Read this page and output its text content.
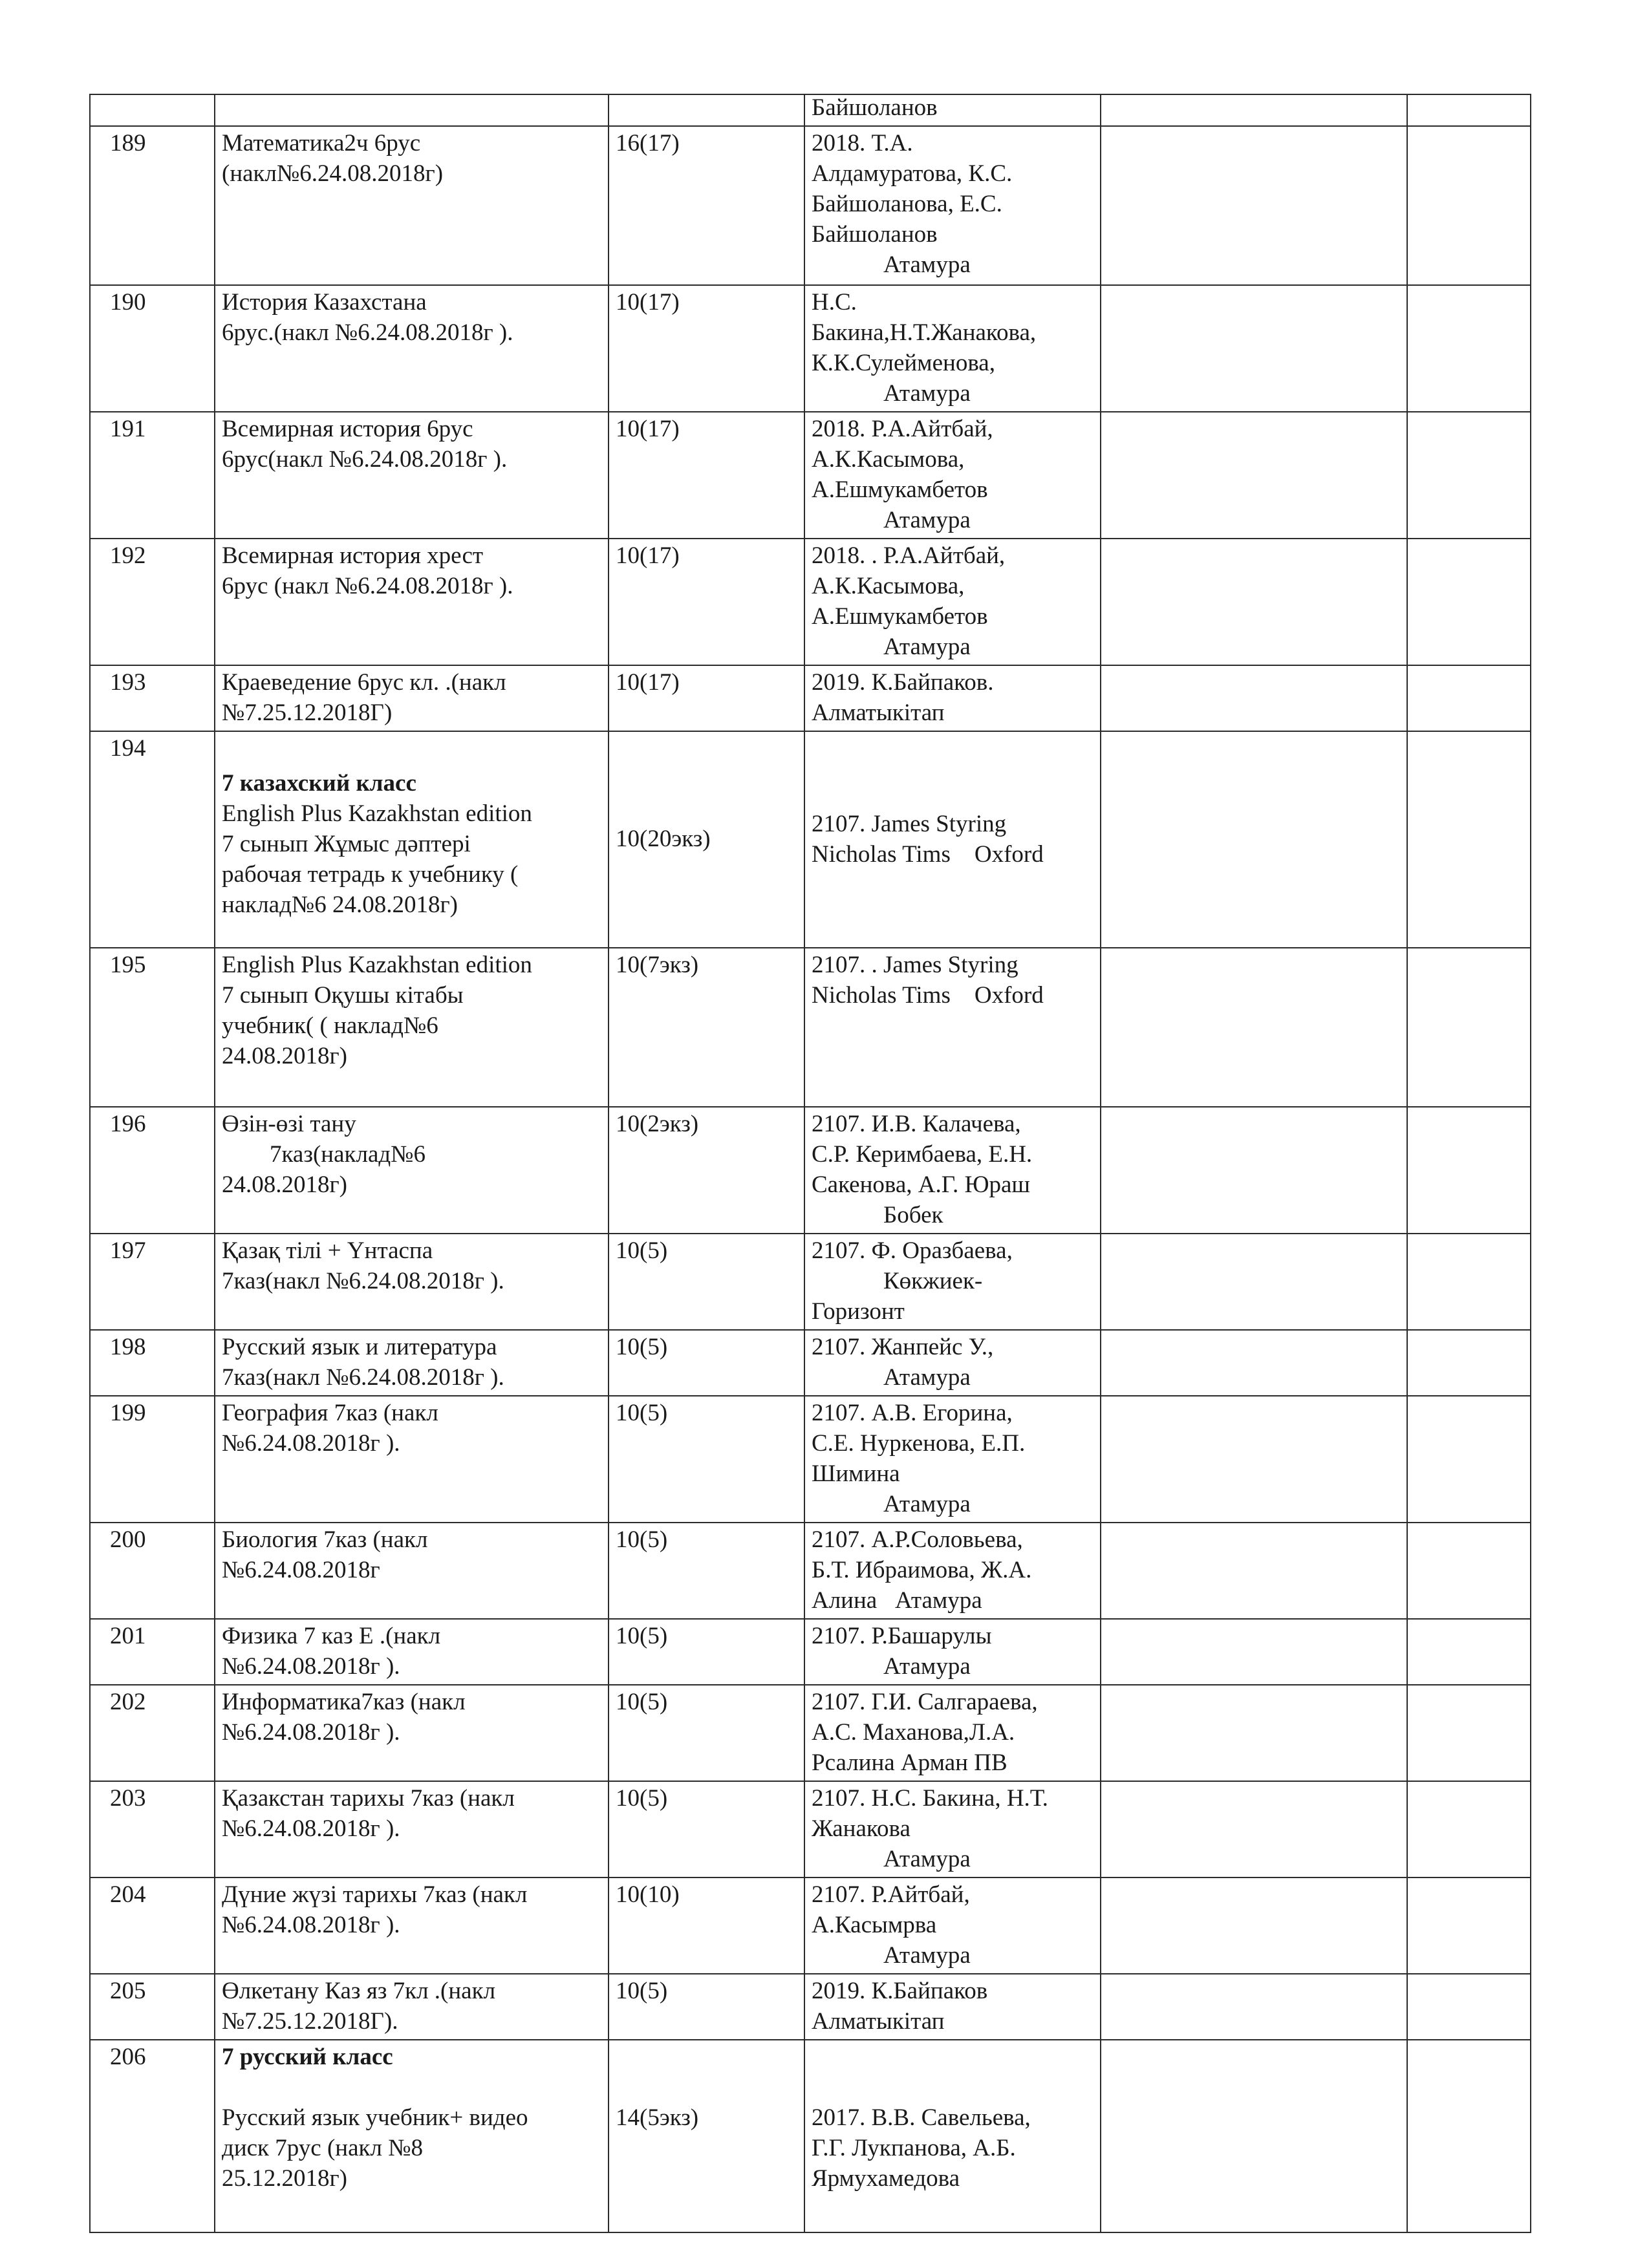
			Байшоланов		

189	Математика2ч 6рус
(накл№6.24.08.2018г)	16(17)	2018. Т.А.
Алдамуратова, К.С.
Байшоланова, Е.С.
Байшоланов
Атамура		

190	История Казахстана
6рус.(накл №6.24.08.2018г ).	10(17)	Н.С.
Бакина,Н.Т.Жанакова,
К.К.Сулейменова,
Атамура		

191	Всемирная история 6рус
6рус(накл №6.24.08.2018г ).	10(17)	2018. Р.А.Айтбай,
А.К.Касымова,
А.Ешмукамбетов
Атамура		

192	Всемирная история хрест
6рус (накл №6.24.08.2018г ).	10(17)	2018. . Р.А.Айтбай,
А.К.Касымова,
А.Ешмукамбетов
Атамура		

193	Краеведение 6рус кл. .(накл
№7.25.12.2018Г)	10(17)	2019. К.Байпаков.
Алматыкітап		

194	7 казахский класс
English Plus Kazakhstan edition
7 сынып Жұмыс дәптері
рабочая тетрадь к учебнику (
наклад№6 24.08.2018г)	10(20экз)	2107. James Styring
Nicholas Tims    Oxford		

195	English Plus Kazakhstan edition
7 сынып Оқушы кітабы
учебник( ( наклад№6
24.08.2018г)	10(7экз)	2107. . James Styring
Nicholas Tims    Oxford		

196	Өзін-өзі тану
7каз(наклад№6
24.08.2018г)	10(2экз)	2107. И.В. Калачева,
С.Р. Керимбаева, Е.Н.
Сакенова, А.Г. Юраш
Бобек		

197	Қазақ тілі + Үнтаспа
7каз(накл №6.24.08.2018г ).	10(5)	2107. Ф. Оразбаева,
Көкжиек-
Горизонт		

198	Русский язык и литература
7каз(накл №6.24.08.2018г ).	10(5)	2107. Жанпейс У.,
Атамура		

199	География 7каз (накл
№6.24.08.2018г ).	10(5)	2107. А.В. Егорина,
С.Е. Нуркенова, Е.П.
Шимина
Атамура		

200	Биология 7каз (накл
№6.24.08.2018г	10(5)	2107. А.Р.Соловьева,
Б.Т. Ибраимова, Ж.А.
Алина   Атамура		

201	Физика 7 каз Е .(накл
№6.24.08.2018г ).	10(5)	2107. Р.Башарулы
Атамура		

202	Информатика7каз (накл
№6.24.08.2018г ).	10(5)	2107. Г.И. Салгараева,
А.С. Маханова,Л.А.
Рсалина Арман ПВ		

203	Қазакстан тарихы 7каз (накл
№6.24.08.2018г ).	10(5)	2107. Н.С. Бакина, Н.Т.
Жанакова
Атамура		

204	Дүние жүзі тарихы 7каз (накл
№6.24.08.2018г ).	10(10)	2107. Р.Айтбай,
А.Касымрва
Атамура		

205	Өлкетану Каз яз 7кл .(накл
№7.25.12.2018Г).	10(5)	2019. К.Байпаков
Алматыкітап		

206	7 русский класс
Русский язык учебник+ видео
диск 7рус (накл №8
25.12.2018г)	14(5экз)	2017. В.В. Савельева,
Г.Г. Лукпанова, А.Б.
Ярмухамедова		
